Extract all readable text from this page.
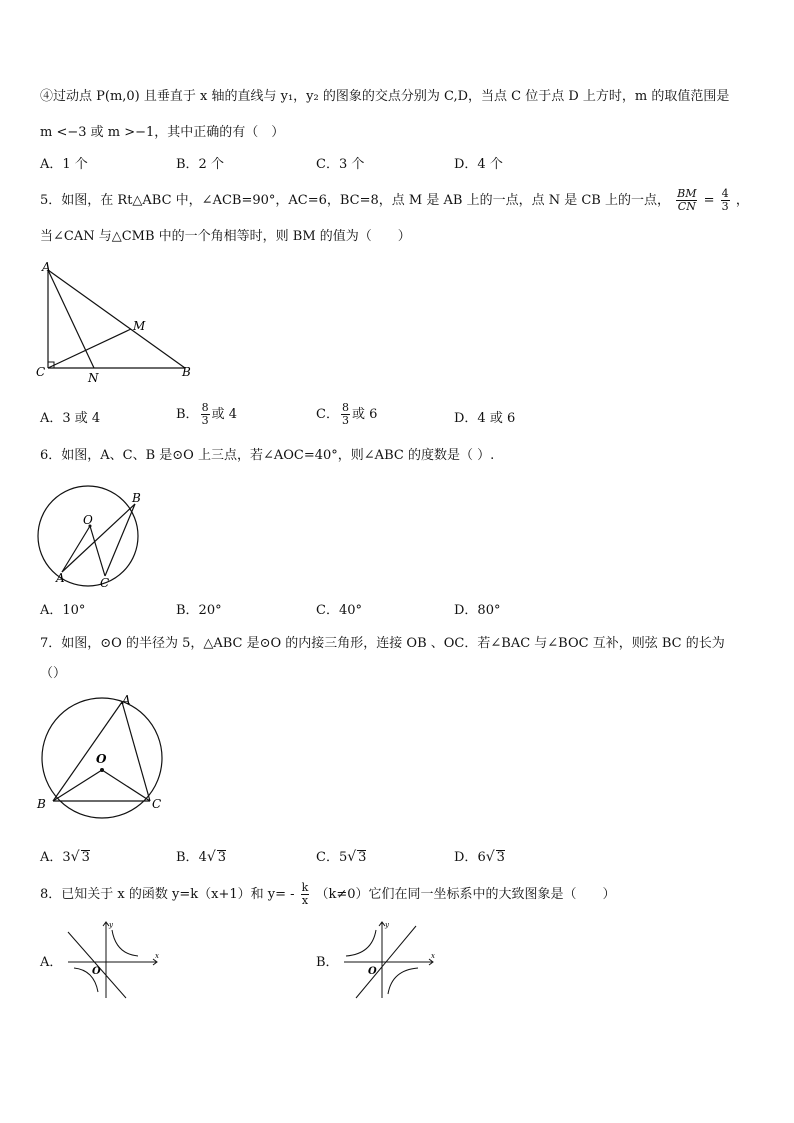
④过动点 P(m,0) 且垂直于 x 轴的直线与 y₁，y₂ 的图象的交点分别为 C,D，当点 C 位于点 D 上方时，m 的取值范围是
m <−3 或 m >−1，其中正确的有（　）
A．1 个	B．2 个	C．3 个	D．4 个
5．如图，在 Rt△ABC 中，∠ACB=90°，AC=6，BC=8，点 M 是 AB 上的一点，点 N 是 CB 上的一点， $\frac{BM}{CN} = \frac{4}{3}$ ，
当∠CAN 与△CMB 中的一个角相等时，则 BM 的值为（　　）
A
C	N	B
M
A．3 或 4	B． $\frac{8}{3}$ 或 4	C． $\frac{8}{3}$ 或 6	D．4 或 6
6．如图，A、C、B 是⊙O 上三点，若∠AOC=40°，则∠ABC 的度数是（ ）.
O
B
A	C
A．10°	B．20°	C．40°	D．80°
7．如图，⊙O 的半径为 5，△ABC 是⊙O 的内接三角形，连接 OB 、OC．若∠BAC 与∠BOC 互补，则弦 BC 的长为
（）
A
O
B	C
A．3√ 3	B．4√ 3	C．5√ 3	D．6√ 3
8．已知关于 x 的函数 y=k（x+1）和 $y= - \frac{k}{x} (k\ne 0)$它们在同一坐标系中的大致图象是（　　）
A．	x
y
O
B．	x
y
O
